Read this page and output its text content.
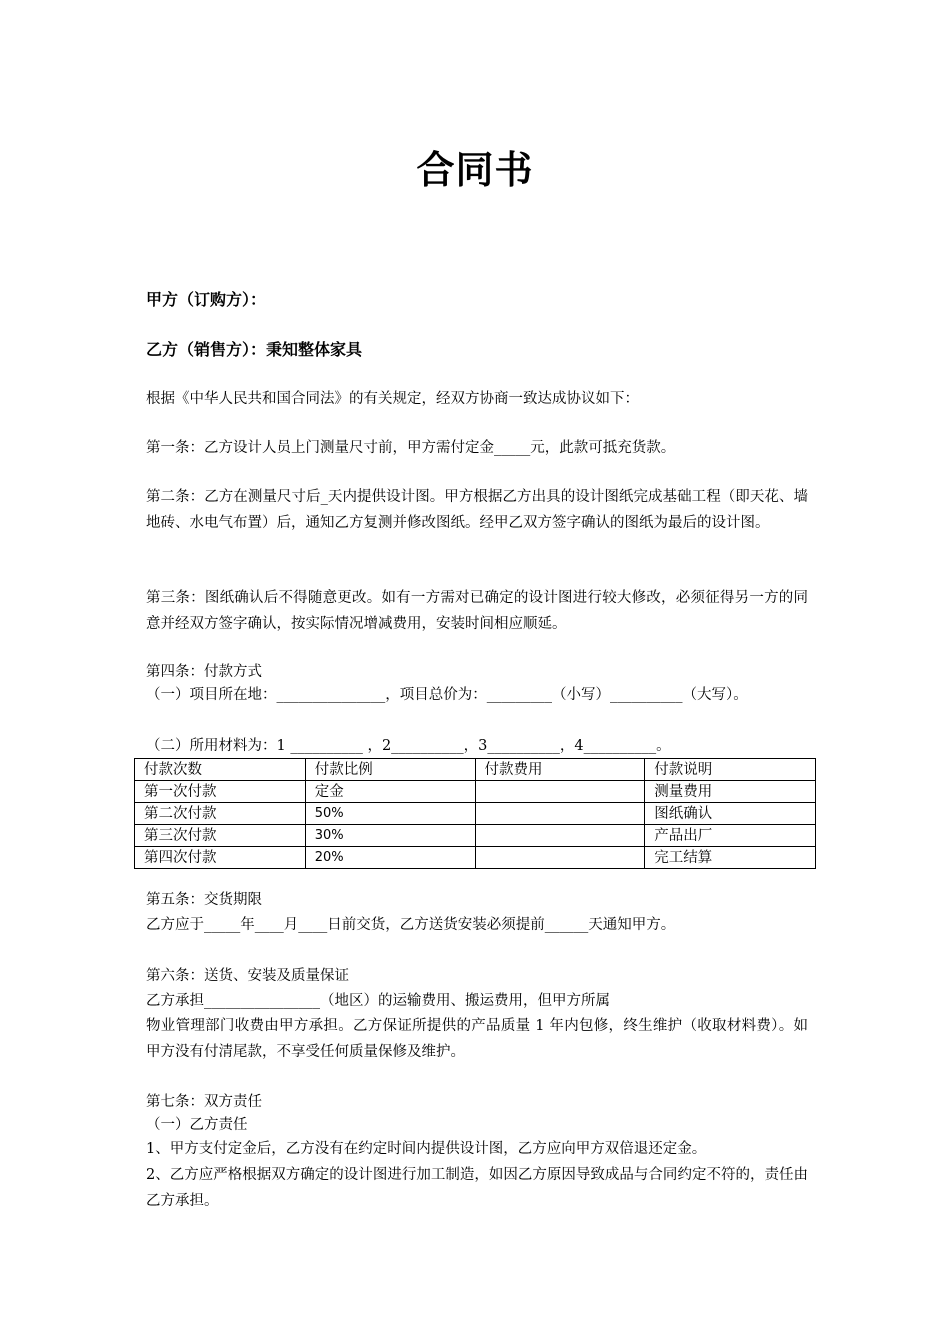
合同书
甲方（订购方）：
乙方（销售方）：秉知整体家具
根据《中华人民共和国合同法》的有关规定，经双方协商一致达成协议如下：
第一条：乙方设计人员上门测量尺寸前，甲方需付定金_____元，此款可抵充货款。
第二条：乙方在测量尺寸后_天内提供设计图。甲方根据乙方出具的设计图纸完成基础工程（即天花、墙地砖、水电气布置）后，通知乙方复测并修改图纸。经甲乙双方签字确认的图纸为最后的设计图。
第三条：图纸确认后不得随意更改。如有一方需对已确定的设计图进行较大修改，必须征得另一方的同意并经双方签字确认，按实际情况增减费用，安装时间相应顺延。
第四条：付款方式
（一）项目所在地：_______________，项目总价为：_________（小写）__________（大写）。
（二）所用材料为：1 __________ ，2__________，3__________，4__________。
付款次数	付款比例	付款费用	付款说明
第一次付款	定金		测量费用
第二次付款	50%		图纸确认
第三次付款	30%		产品出厂
第四次付款	20%		完工结算
第五条：交货期限
乙方应于_____年____月____日前交货，乙方送货安装必须提前______天通知甲方。
第六条：送货、安装及质量保证
乙方承担________________（地区）的运输费用、搬运费用，但甲方所属
物业管理部门收费由甲方承担。乙方保证所提供的产品质量 1 年内包修，终生维护（收取材料费）。如甲方没有付清尾款，不享受任何质量保修及维护。
第七条：双方责任
（一）乙方责任
1、甲方支付定金后，乙方没有在约定时间内提供设计图，乙方应向甲方双倍退还定金。
2、乙方应严格根据双方确定的设计图进行加工制造，如因乙方原因导致成品与合同约定不符的，责任由乙方承担。
